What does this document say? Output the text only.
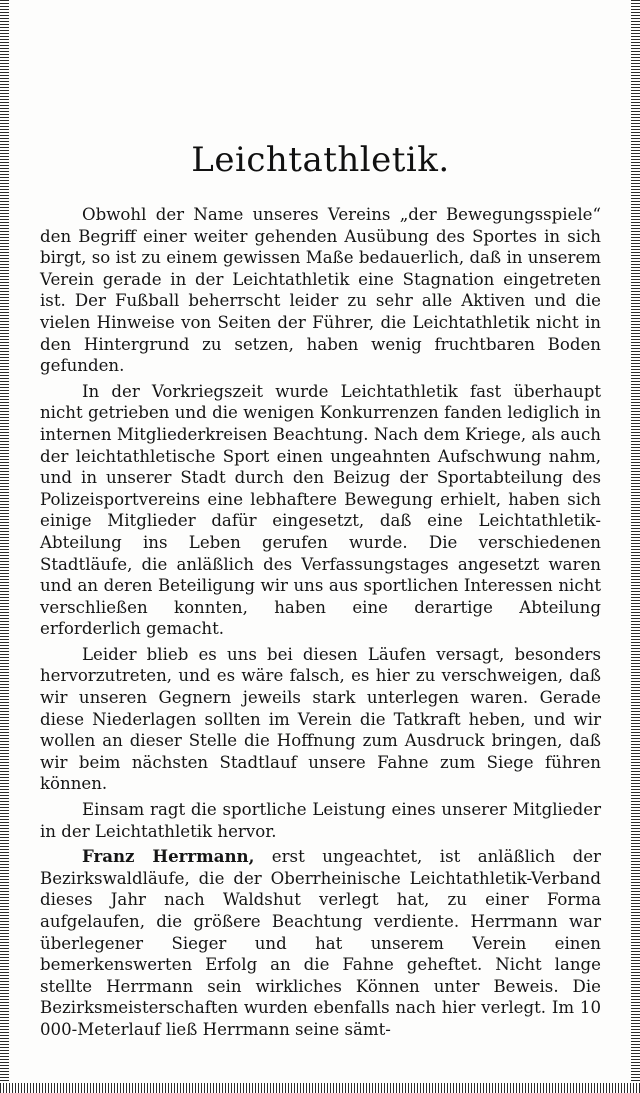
Leichtathletik.

Obwohl der Name unseres Vereins „der Bewegungsspiele“ den Begriff einer weiter gehenden Ausübung des Sportes in sich birgt, so ist zu einem gewissen Maße bedauerlich, daß in unserem Verein gerade in der Leichtathletik eine Stagnation eingetreten ist. Der Fußball beherrscht leider zu sehr alle Aktiven und die vielen Hinweise von Seiten der Führer, die Leichtathletik nicht in den Hintergrund zu setzen, haben wenig fruchtbaren Boden gefunden.

In der Vorkriegszeit wurde Leichtathletik fast überhaupt nicht getrieben und die wenigen Konkurrenzen fanden lediglich in internen Mitgliederkreisen Beachtung. Nach dem Kriege, als auch der leichtathletische Sport einen ungeahnten Aufschwung nahm, und in unserer Stadt durch den Beizug der Sportabteilung des Polizeisportvereins eine lebhaftere Bewegung erhielt, haben sich einige Mitglieder dafür eingesetzt, daß eine Leichtathletik-Abteilung ins Leben gerufen wurde. Die verschiedenen Stadtläufe, die anläßlich des Verfassungstages angesetzt waren und an deren Beteiligung wir uns aus sportlichen Interessen nicht verschließen konnten, haben eine derartige Abteilung erforderlich gemacht.

Leider blieb es uns bei diesen Läufen versagt, besonders hervorzutreten, und es wäre falsch, es hier zu verschweigen, daß wir unseren Gegnern jeweils stark unterlegen waren. Gerade diese Niederlagen sollten im Verein die Tatkraft heben, und wir wollen an dieser Stelle die Hoffnung zum Ausdruck bringen, daß wir beim nächsten Stadtlauf unsere Fahne zum Siege führen können.

Einsam ragt die sportliche Leistung eines unserer Mitglieder in der Leichtathletik hervor.

Franz Herrmann, erst ungeachtet, ist anläßlich der Bezirkswaldläufe, die der Oberrheinische Leichtathletik-Verband dieses Jahr nach Waldshut verlegt hat, zu einer Forma aufgelaufen, die größere Beachtung verdiente. Herrmann war überlegener Sieger und hat unserem Verein einen bemerkenswerten Erfolg an die Fahne geheftet. Nicht lange stellte Herrmann sein wirkliches Können unter Beweis. Die Bezirksmeisterschaften wurden ebenfalls nach hier verlegt. Im 10 000-Meterlauf ließ Herrmann seine sämt-
